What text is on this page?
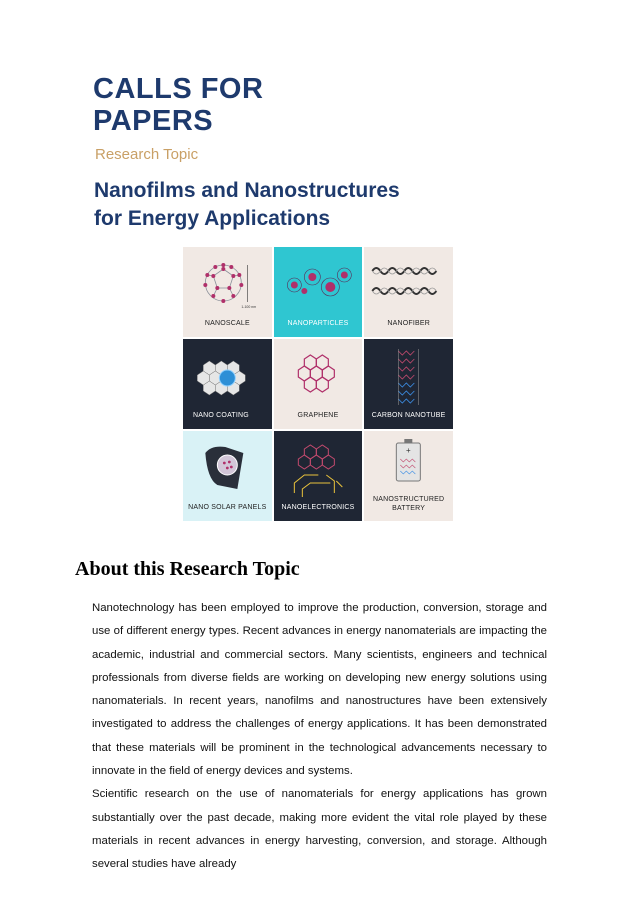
CALLS FOR
PAPERS
Research Topic
Nanofilms and Nanostructures
for Energy Applications
1-100 nm
NANOSCALE	NANOPARTICLES	NANOFIBER
NANO COATING	GRAPHENE	CARBON NANOTUBE
NANO SOLAR PANELS	NANOELECTRONICS
+
NANOSTRUCTURED
BATTERY
About this Research Topic

Nanotechnology has been employed to improve the production, conversion, storage and use of different energy types. Recent advances in energy nanomaterials are impacting the academic, industrial and commercial sectors. Many scientists, engineers and technical professionals from diverse fields are working on developing new energy solutions using nanomaterials. In recent years, nanofilms and nanostructures have been extensively investigated to address the challenges of energy applications. It has been demonstrated that these materials will be prominent in the technological advancements necessary to innovate in the field of energy devices and systems.

Scientific research on the use of nanomaterials for energy applications has grown substantially over the past decade, making more evident the vital role played by these materials in recent advances in energy harvesting, conversion, and storage. Although several studies have already
